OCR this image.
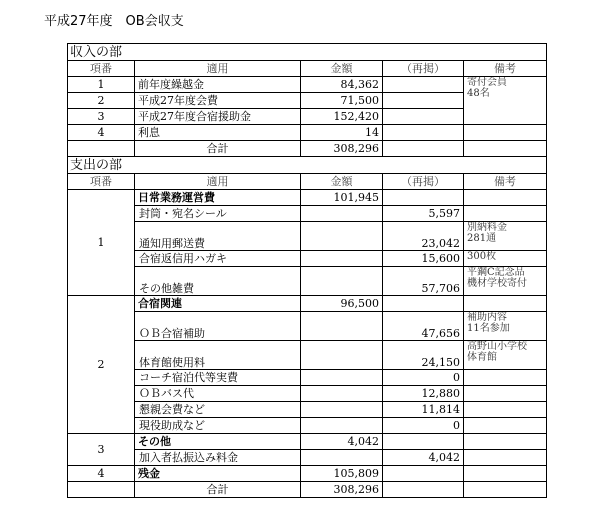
平成27年度　OB会収支
収入の部				
項番	適用	金額	（再掲）	備考
1	前年度繰越金	84,362		寄付会員
48名
2	平成27年度会費	71,500		
3	平成27年度合宿援助金	152,420		
4	利息	14		
	合計	308,296		
支出の部				
項番	適用	金額	（再掲）	備考
1	日常業務運営費	101,945		
	封筒・宛名シール		5,597	
	通知用郵送費		23,042	別納料金
281通
	合宿返信用ハガキ		15,600	300枚
	その他雑費		57,706	平鋼C記念品
機材学校寄付
2	合宿関連	96,500		
	ＯＢ合宿補助		47,656	補助内容
11名参加
	体育館使用料		24,150	高野山小学校
体育館
	コーチ宿泊代等実費		0	
	ＯＢバス代		12,880	
	懇親会費など		11,814	
	現役助成など		0	
3	その他	4,042		
	加入者払振込み料金		4,042	
4	残金	105,809		
	合計	308,296		
